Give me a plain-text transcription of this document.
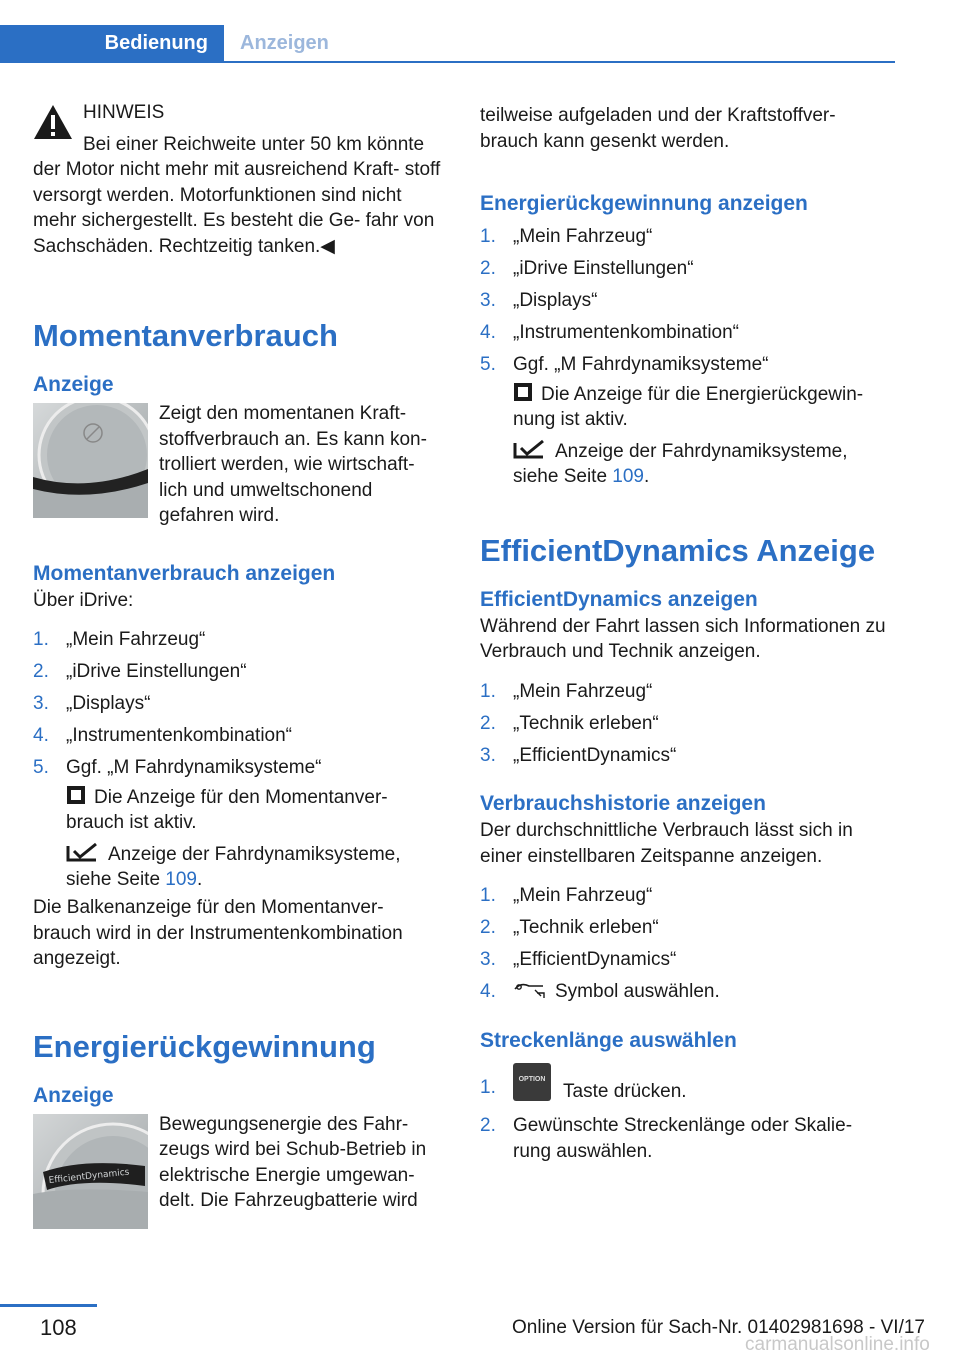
Bedienung	Anzeigen

HINWEIS

Bei einer Reichweite unter 50 km könnte

der Motor nicht mehr mit ausreichend Kraft‐ stoff versorgt werden. Motorfunktionen sind nicht mehr sichergestellt. Es besteht die Ge‐ fahr von Sachschäden. Rechtzeitig tanken.◀

Momentanverbrauch
Anzeige

Zeigt den momentanen Kraft‐ stoffverbrauch an. Es kann kon‐ trolliert werden, wie wirtschaft‐ lich und umweltschonend gefahren wird.

Momentanverbrauch anzeigen

Über iDrive:

1. „Mein Fahrzeug“
2. „iDrive Einstellungen“
3. „Displays“
4. „Instrumentenkombination“
5. Ggf. „M Fahrdynamiksysteme“

Die Anzeige für den Momentanver‐ brauch ist aktiv.

Anzeige der Fahrdynamiksysteme, siehe Seite 109.

Die Balkenanzeige für den Momentanver‐ brauch wird in der Instrumentenkombination angezeigt.

Energierückgewinnung
Anzeige
EfficientDynamics

Bewegungsenergie des Fahr‐ zeugs wird bei Schub-Betrieb in elektrische Energie umgewan‐ delt. Die Fahrzeugbatterie wird

teilweise aufgeladen und der Kraftstoffver‐ brauch kann gesenkt werden.

Energierückgewinnung anzeigen
1. „Mein Fahrzeug“
2. „iDrive Einstellungen“
3. „Displays“
4. „Instrumentenkombination“
5. Ggf. „M Fahrdynamiksysteme“

Die Anzeige für die Energierückgewin‐ nung ist aktiv.

Anzeige der Fahrdynamiksysteme, siehe Seite 109.

EfficientDynamics Anzeige
EfficientDynamics anzeigen

Während der Fahrt lassen sich Informationen zu Verbrauch und Technik anzeigen.

1. „Mein Fahrzeug“
2. „Technik erleben“
3. „EfficientDynamics“
Verbrauchshistorie anzeigen

Der durchschnittliche Verbrauch lässt sich in einer einstellbaren Zeitspanne anzeigen.

1. „Mein Fahrzeug“
2. „Technik erleben“
3. „EfficientDynamics“
4.	Symbol auswählen.
Streckenlänge auswählen
1.	OPTION
Taste drücken.
2. Gewünschte Streckenlänge oder Skalie‐ rung auswählen.
108	Online Version für Sach-Nr. 01402981698 - VI/17
carmanualsonline.info
